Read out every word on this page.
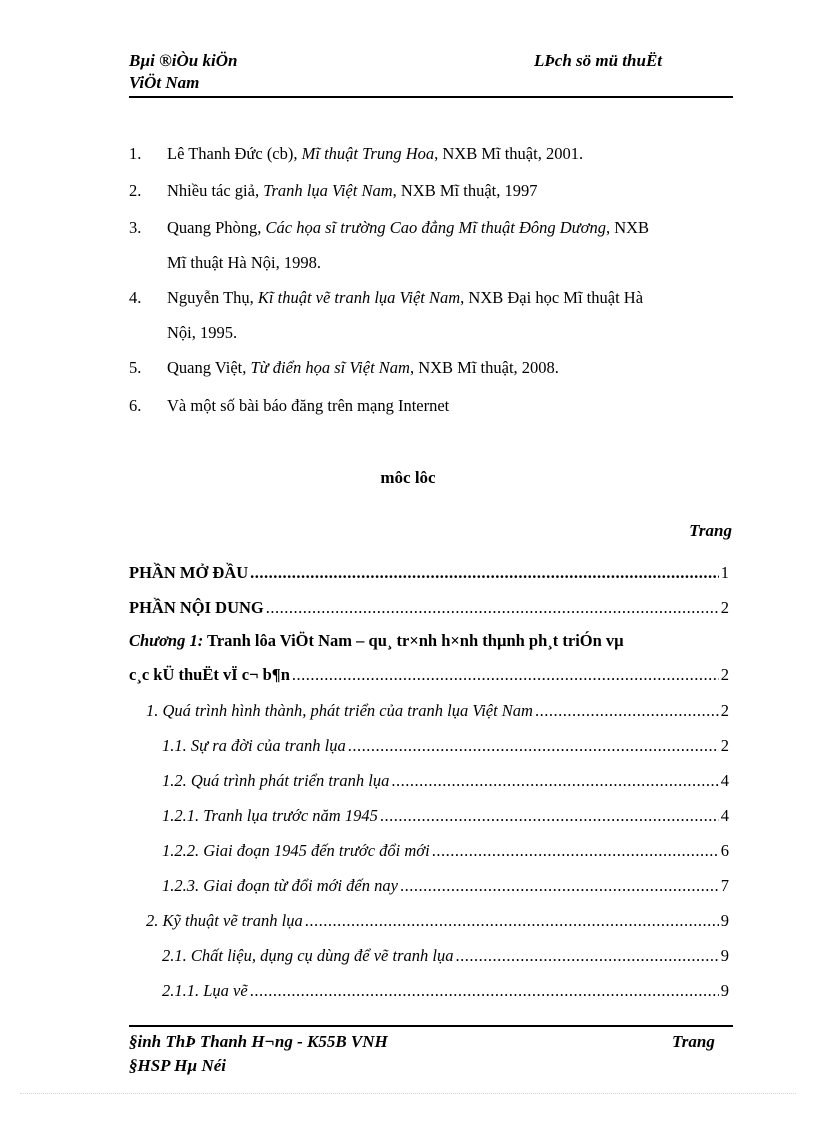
Bµi ®iÒu kiÖn
ViÖt Nam
LÞch sö mü thuËt
1. Lê Thanh Đức (cb), Mĩ thuật Trung Hoa, NXB Mĩ thuật, 2001.
2. Nhiều tác giả, Tranh lụa Việt Nam, NXB Mĩ thuật, 1997
3. Quang Phòng, Các họa sĩ trường Cao đẳng Mĩ thuật Đông Dương, NXB
Mĩ thuật Hà Nội, 1998.
4. Nguyễn Thụ, Kĩ thuật vẽ tranh lụa Việt Nam, NXB Đại học Mĩ thuật Hà
Nội, 1995.
5. Quang Việt, Từ điển họa sĩ Việt Nam, NXB Mĩ thuật, 2008.
6. Và một số bài báo đăng trên mạng Internet
môc lôc
Trang
PHẦN MỞ ĐẦU .....	1
PHẦN NỘI DUNG .....	2
Chương 1: Tranh lôa ViÖt Nam – qu¸ tr×nh h×nh thµnh ph¸t triÓn vµ
c¸c kÜ thuËt vÏ c¬ b¶n .....	2
1. Quá trình hình thành, phát triển của tranh lụa Việt Nam .....	2
1.1. Sự ra đời của tranh lụa .....	2
1.2. Quá trình phát triển tranh lụa .....	4
1.2.1. Tranh lụa trước năm 1945 .....	4
1.2.2. Giai đoạn 1945 đến trước đổi mới .....	6
1.2.3. Giai đoạn từ đổi mới đến nay .....	7
2. Kỹ thuật vẽ tranh lụa .....	9
2.1. Chất liệu, dụng cụ dùng để vẽ tranh lụa .....	9
2.1.1. Lụa vẽ .....	9
§inh ThÞ Thanh H¬ng - K55B VNH
§HSP Hµ Néi
Trang
